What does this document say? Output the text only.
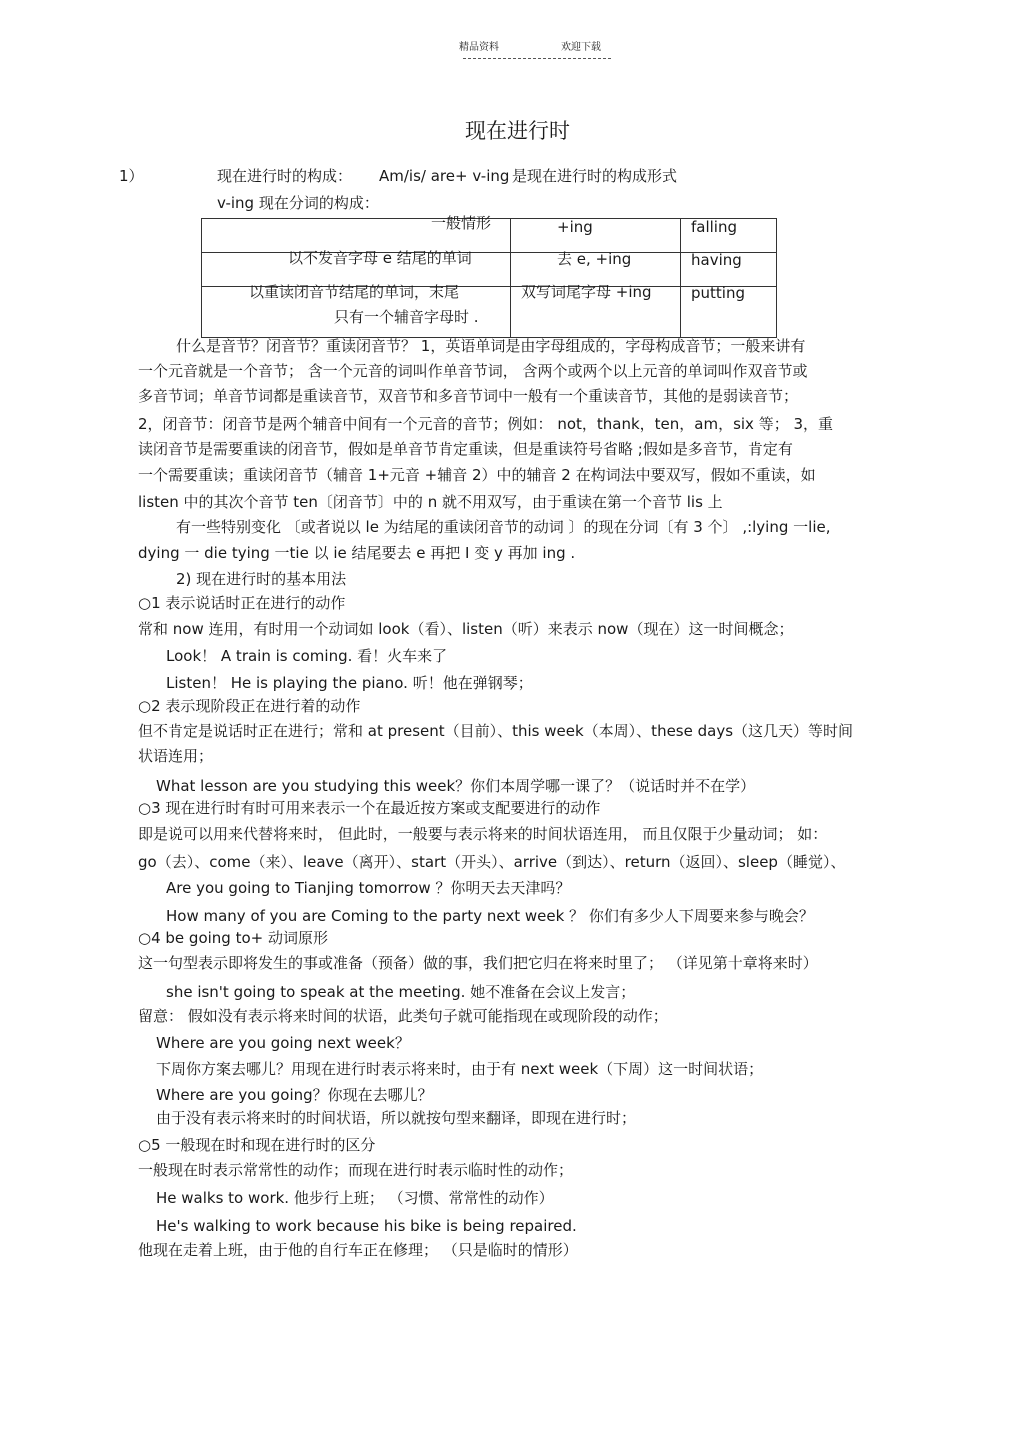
精品资料	欢迎下载
现在进行时
1）	现在进行时的构成： Am/is/ are+ v-ing 是现在进行时的构成形式
v-ing 现在分词的构成：
一般情形	+ing	falling
以不发音字母 e 结尾的单词	去 e, +ing	having
以重读闭音节结尾的单词，末尾
只有一个辅音字母时 .
双写词尾字母 +ing	putting
什么是音节？闭音节？重读闭音节？ 1，英语单词是由字母组成的，字母构成音节；一般来讲有
一个元音就是一个音节； 含一个元音的词叫作单音节词， 含两个或两个以上元音的单词叫作双音节或
多音节词；单音节词都是重读音节，双音节和多音节词中一般有一个重读音节，其他的是弱读音节；
2，闭音节：闭音节是两个辅音中间有一个元音的音节；例如： not，thank，ten，am，six 等； 3，重
读闭音节是需要重读的闭音节，假如是单音节肯定重读，但是重读符号省略 ;假如是多音节，肯定有
一个需要重读；重读闭音节（辅音 1+元音 +辅音 2）中的辅音 2 在构词法中要双写，假如不重读，如
listen 中的其次个音节 ten〔闭音节〕中的 n 就不用双写，由于重读在第一个音节 lis 上
有一些特别变化 〔或者说以 le 为结尾的重读闭音节的动词 〕的现在分词〔有 3 个〕 ,:lying 一lie,
dying 一 die tying 一tie 以 ie 结尾要去 e 再把 I 变 y 再加 ing .
2) 现在进行时的基本用法
○1 表示说话时正在进行的动作
常和 now 连用，有时用一个动词如 look（看）、listen（听）来表示 now（现在）这一时间概念；
Look！ A train is coming. 看！火车来了
Listen！ He is playing the piano. 听！他在弹钢琴；
○2 表示现阶段正在进行着的动作
但不肯定是说话时正在进行；常和 at present（目前）、this week（本周）、these days（这几天）等时间
状语连用；
What lesson are you studying this week？你们本周学哪一课了？（说话时并不在学）
○3 现在进行时有时可用来表示一个在最近按方案或支配要进行的动作
即是说可以用来代替将来时， 但此时，一般要与表示将来的时间状语连用， 而且仅限于少量动词； 如：
go（去）、come（来）、leave（离开）、start（开头）、arrive（到达）、return（返回）、sleep（睡觉）、
Are you going to Tianjing tomorrow ？你明天去天津吗？
How many of you are Coming to the party next week ？ 你们有多少人下周要来参与晚会？
○4 be going to+ 动词原形
这一句型表示即将发生的事或准备（预备）做的事，我们把它归在将来时里了； （详见第十章将来时）
she isn't going to speak at the meeting. 她不准备在会议上发言；
留意： 假如没有表示将来时间的状语，此类句子就可能指现在或现阶段的动作；
Where are you going next week？
下周你方案去哪儿？用现在进行时表示将来时，由于有 next week（下周）这一时间状语；
Where are you going？你现在去哪儿？
由于没有表示将来时的时间状语，所以就按句型来翻译，即现在进行时；
○5 一般现在时和现在进行时的区分
一般现在时表示常常性的动作；而现在进行时表示临时性的动作；
He walks to work. 他步行上班； （习惯、常常性的动作）
He's walking to work because his bike is being repaired.
他现在走着上班，由于他的自行车正在修理； （只是临时的情形）
